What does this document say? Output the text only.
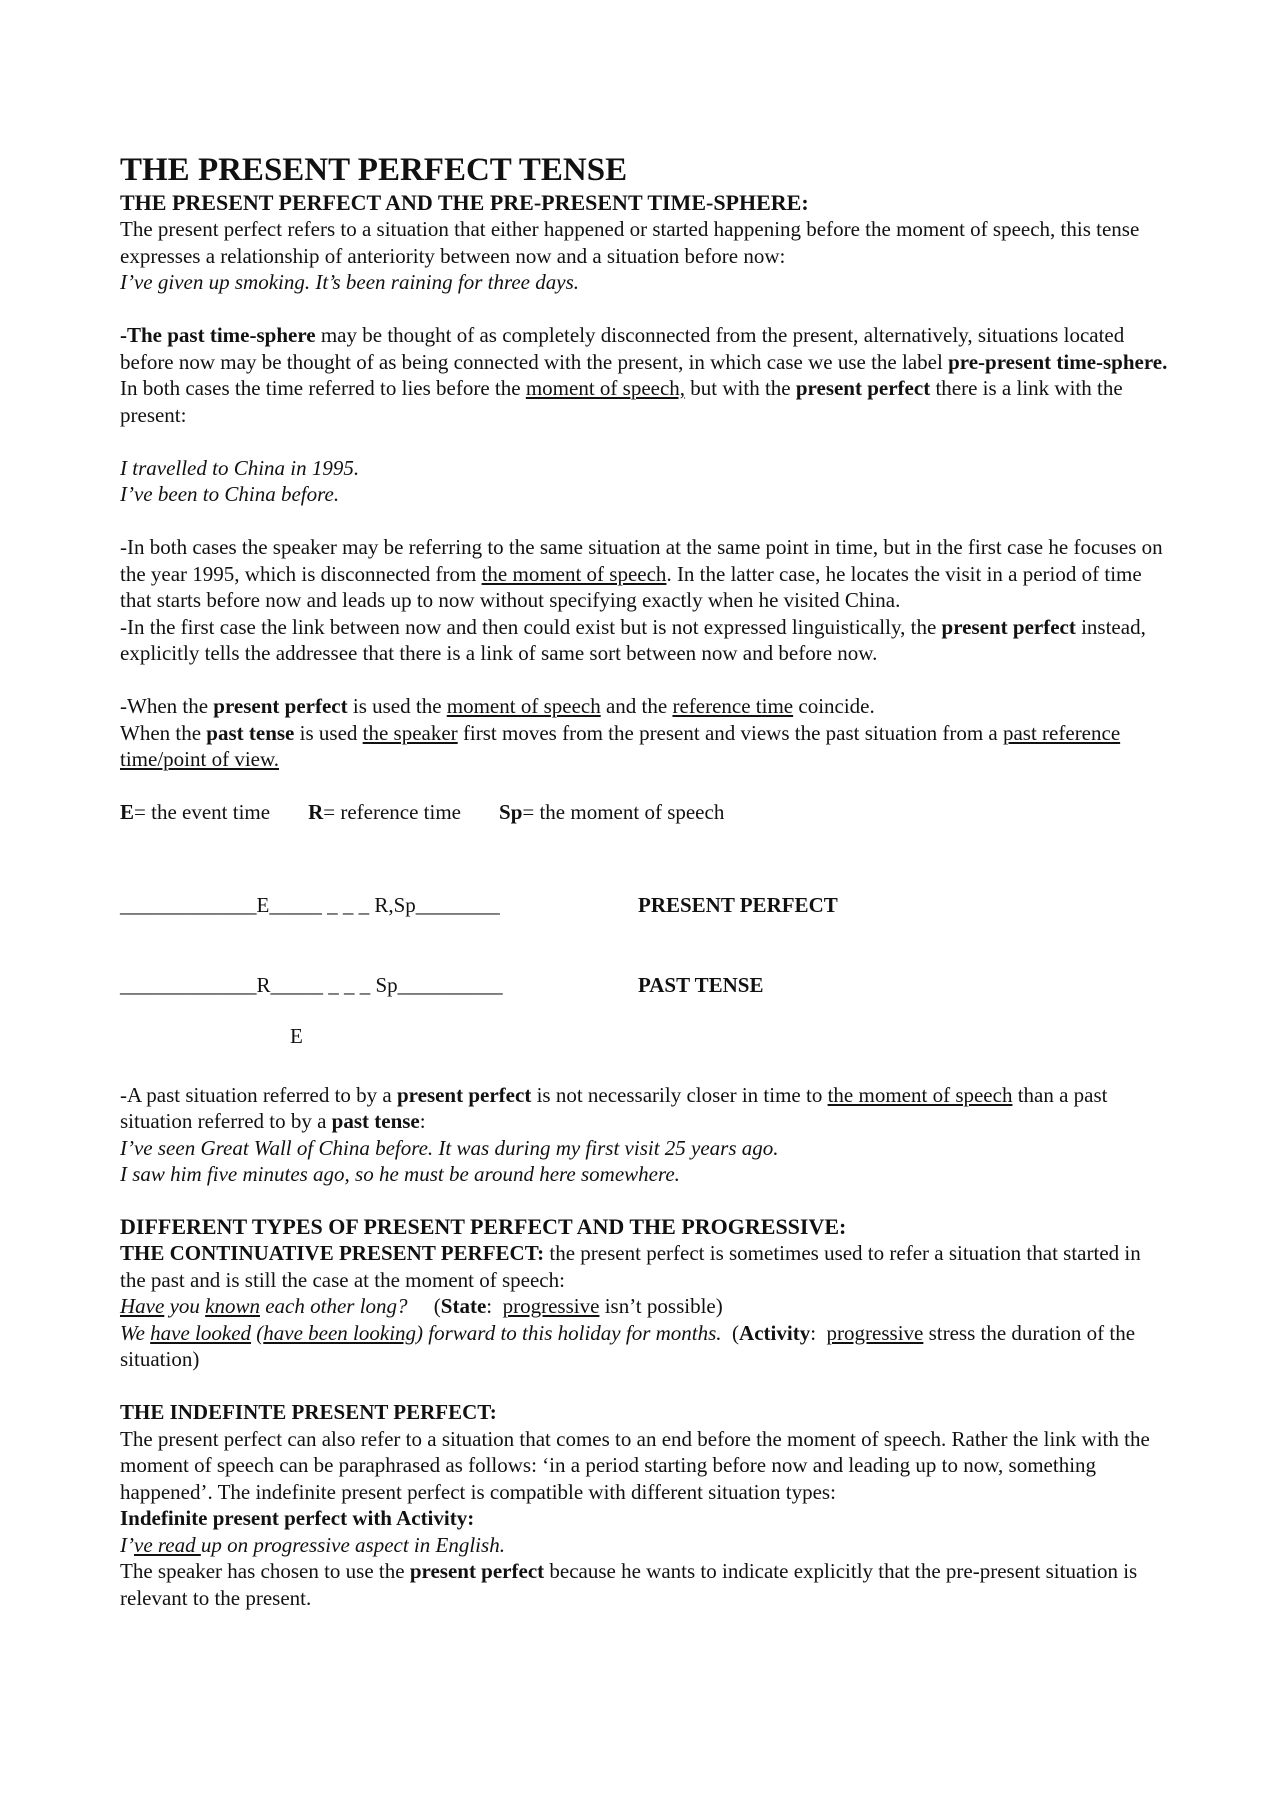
THE PRESENT PERFECT TENSE

THE PRESENT PERFECT AND THE PRE-PRESENT TIME-SPHERE:

The present perfect refers to a situation that either happened or started happening before the moment of speech, this tense expresses a relationship of anteriority between now and a situation before now:

I’ve given up smoking. It’s been raining for three days.

-The past time-sphere may be thought of as completely disconnected from the present, alternatively, situations located before now may be thought of as being connected with the present, in which case we use the label pre-present time-sphere. In both cases the time referred to lies before the moment of speech, but with the present perfect there is a link with the present:

I travelled to China in 1995.

I’ve been to China before.

-In both cases the speaker may be referring to the same situation at the same point in time, but in the first case he focuses on the year 1995, which is disconnected from the moment of speech. In the latter case, he locates the visit in a period of time that starts before now and leads up to now without specifying exactly when he visited China.

-In the first case the link between now and then could exist but is not expressed linguistically, the present perfect instead, explicitly tells the addressee that there is a link of same sort between now and before now.

-When the present perfect is used the moment of speech and the reference time coincide.

When the past tense is used the speaker first moves from the present and views the past situation from a past reference time/point of view.

E= the event time R= reference time Sp= the moment of speech

_____________E_____ _ _ _ R,Sp________	PRESENT PERFECT
_____________R_____ _ _ _ Sp__________	PAST TENSE
E

-A past situation referred to by a present perfect is not necessarily closer in time to the moment of speech than a past situation referred to by a past tense:

I’ve seen Great Wall of China before. It was during my first visit 25 years ago.

I saw him five minutes ago, so he must be around here somewhere.

DIFFERENT TYPES OF PRESENT PERFECT AND THE PROGRESSIVE:

THE CONTINUATIVE PRESENT PERFECT: the present perfect is sometimes used to refer a situation that started in the past and is still the case at the moment of speech:

Have you known each other long?     (State:  progressive isn’t possible)

We have looked (have been looking) forward to this holiday for months.  (Activity:  progressive stress the duration of the situation)

THE INDEFINTE PRESENT PERFECT:

The present perfect can also refer to a situation that comes to an end before the moment of speech. Rather the link with the moment of speech can be paraphrased as follows: ‘in a period starting before now and leading up to now, something happened’. The indefinite present perfect is compatible with different situation types:

Indefinite present perfect with Activity:

I’ve read up on progressive aspect in English.

The speaker has chosen to use the present perfect because he wants to indicate explicitly that the pre-present situation is relevant to the present.
